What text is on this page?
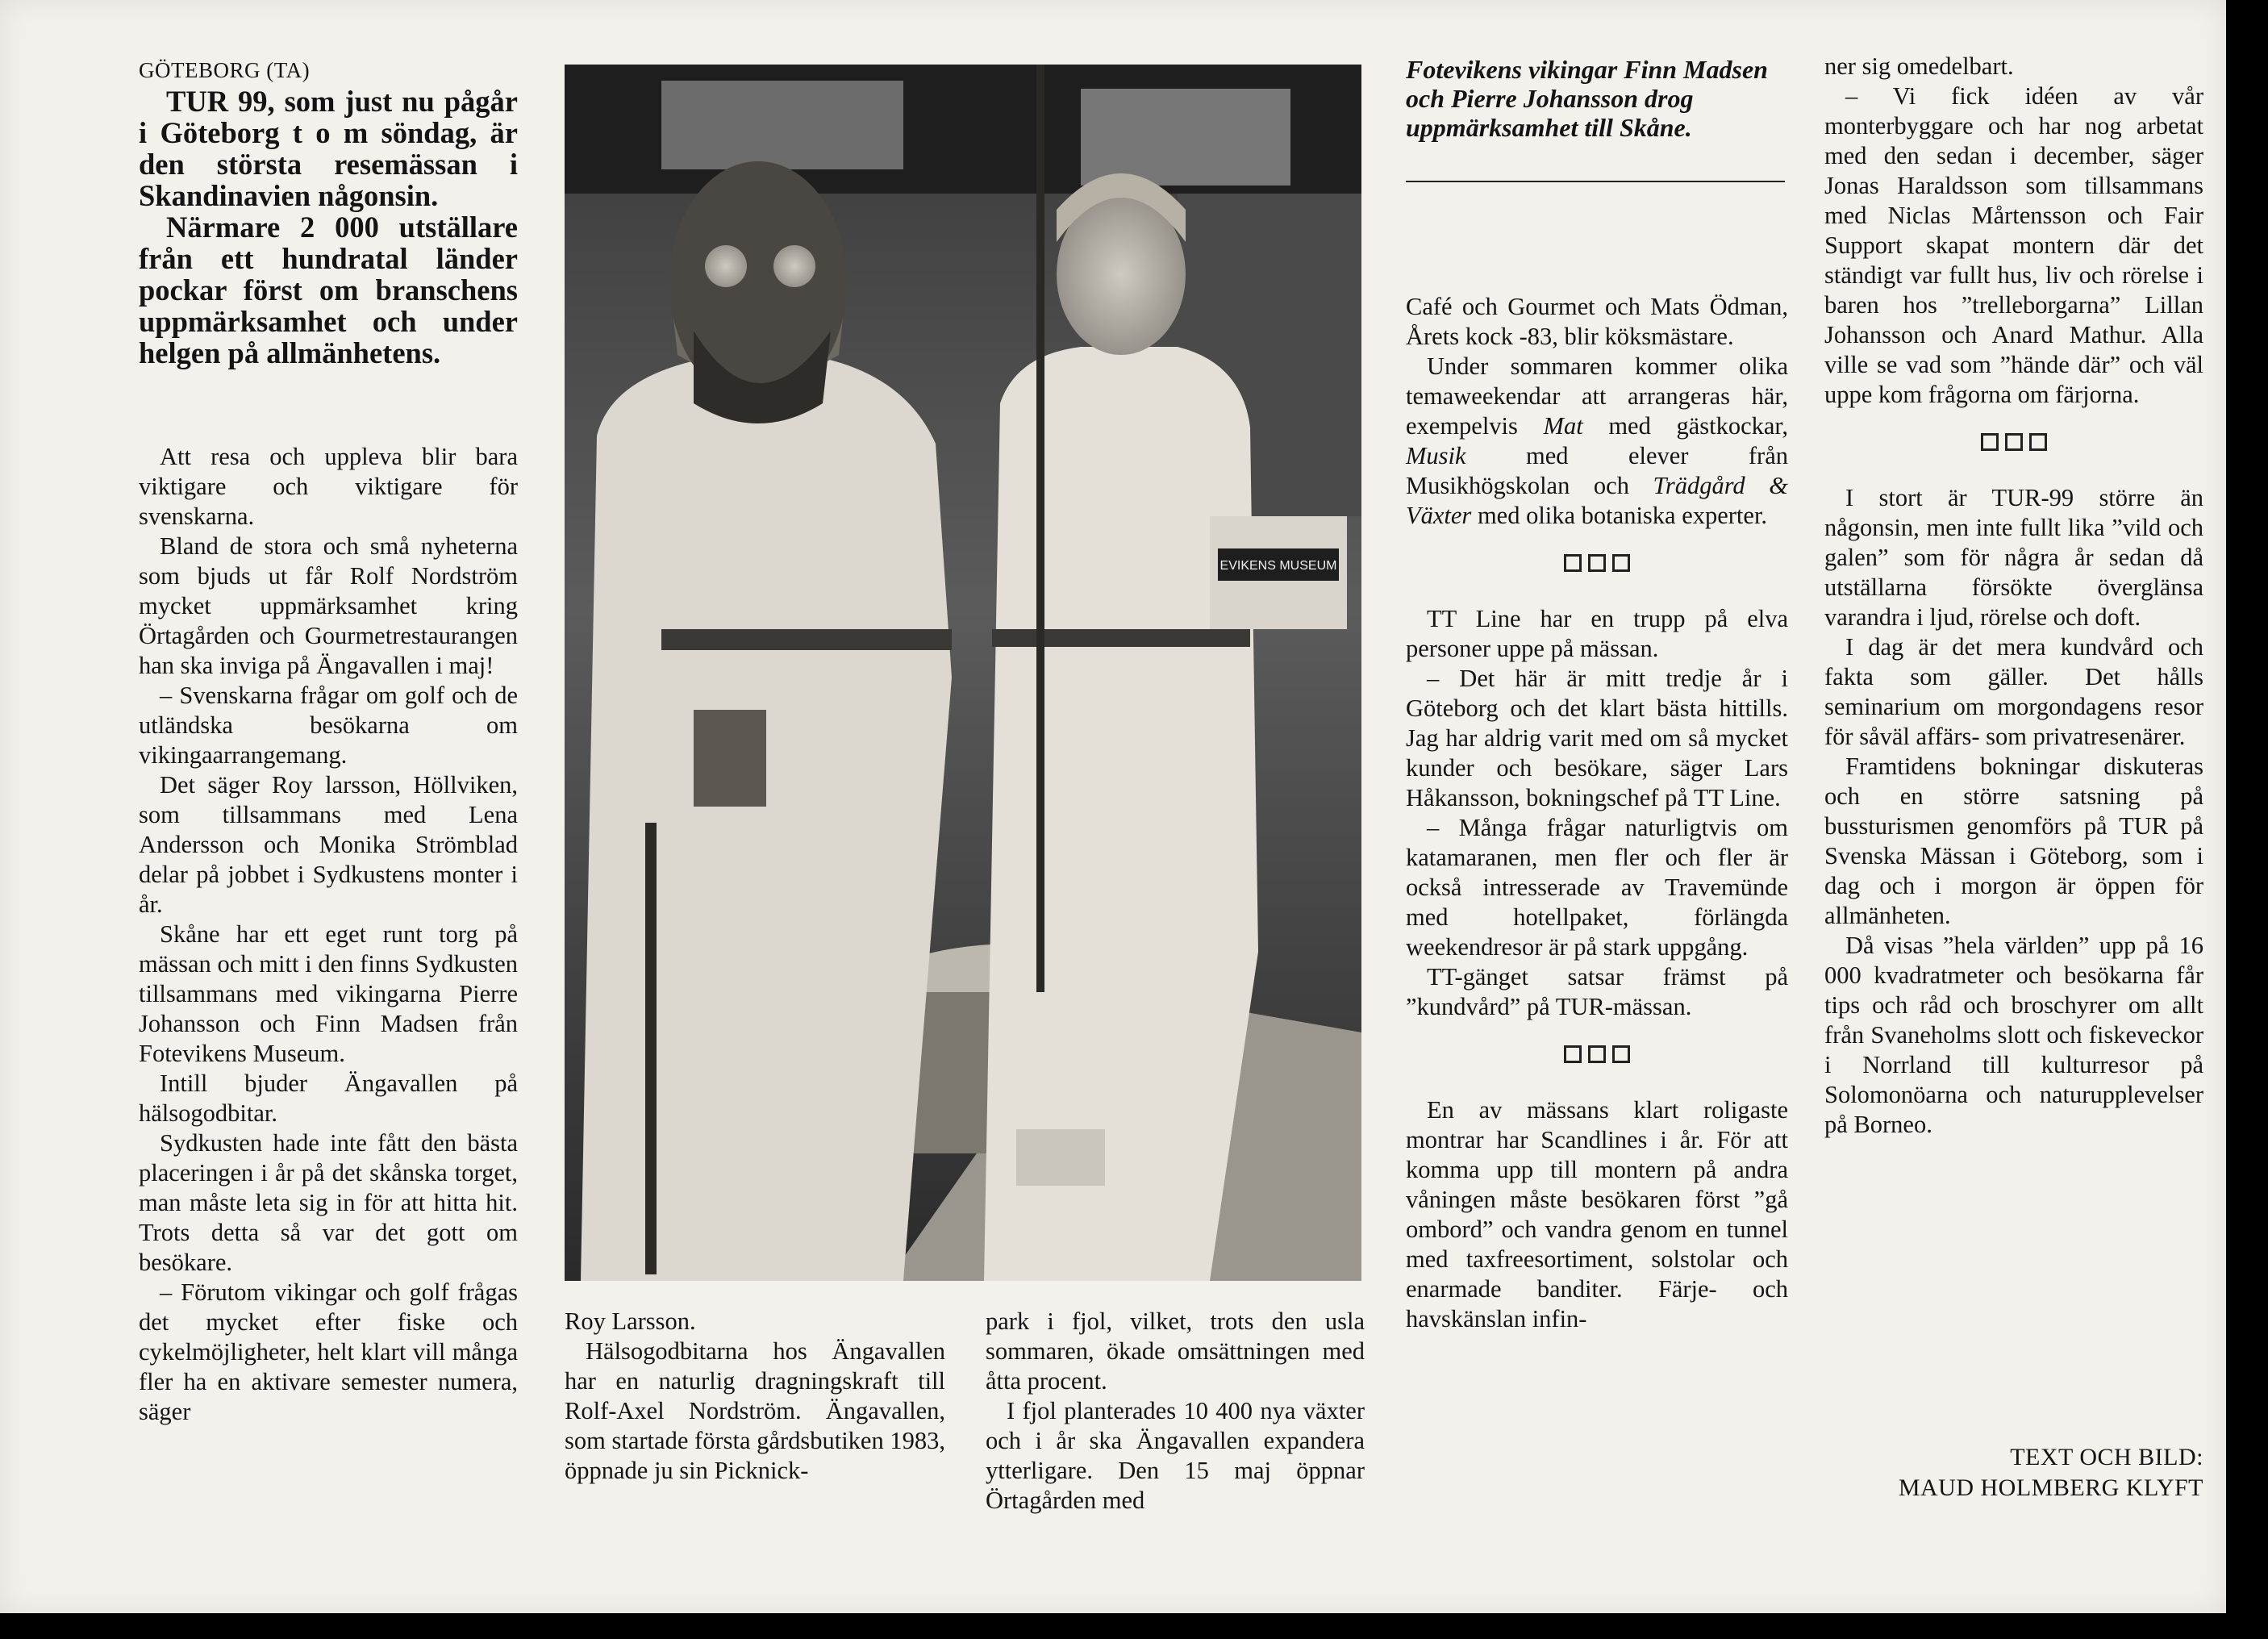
GÖTEBORG (TA)

TUR 99, som just nu pågår i Göteborg t o m söndag, är den största resemässan i Skandinavien någonsin.

Närmare 2 000 utställare från ett hundratal länder pockar först om branschens uppmärksamhet och under helgen på allmänhetens.

Att resa och uppleva blir bara viktigare och viktigare för svenskarna.

Bland de stora och små nyheterna som bjuds ut får Rolf Nordström mycket uppmärksamhet kring Örtagården och Gourmetrestaurangen han ska inviga på Ängavallen i maj!

– Svenskarna frågar om golf och de utländska besökarna om vikingaarrangemang.

Det säger Roy larsson, Höllviken, som tillsammans med Lena Andersson och Monika Strömblad delar på jobbet i Sydkustens monter i år.

Skåne har ett eget runt torg på mässan och mitt i den finns Sydkusten tillsammans med vikingarna Pierre Johansson och Finn Madsen från Fotevikens Museum.

Intill bjuder Ängavallen på hälsogodbitar.

Sydkusten hade inte fått den bästa placeringen i år på det skånska torget, man måste leta sig in för att hitta hit. Trots detta så var det gott om besökare.

– Förutom vikingar och golf frågas det mycket efter fiske och cykelmöjligheter, helt klart vill många fler ha en aktivare semester numera, säger

EVIKENS MUSEUM

Roy Larsson.

Hälsogodbitarna hos Ängavallen har en naturlig dragningskraft till Rolf-Axel Nordström. Ängavallen, som startade första gårdsbutiken 1983, öppnade ju sin Picknick-

park i fjol, vilket, trots den usla sommaren, ökade omsättningen med åtta procent.

I fjol planterades 10 400 nya växter och i år ska Ängavallen expandera ytterligare. Den 15 maj öppnar Örtagården med

Fotevikens vikingar Finn Madsen och Pierre Johansson drog uppmärksamhet till Skåne.

Café och Gourmet och Mats Ödman, Årets kock -83, blir köksmästare.

Under sommaren kommer olika temaweekendar att arrangeras här, exempelvis Mat med gästkockar, Musik med elever från Musikhögskolan och Trädgård & Växter med olika botaniska experter.

TT Line har en trupp på elva personer uppe på mässan.

– Det här är mitt tredje år i Göteborg och det klart bästa hittills. Jag har aldrig varit med om så mycket kunder och besökare, säger Lars Håkansson, bokningschef på TT Line.

– Många frågar naturligtvis om katamaranen, men fler och fler är också intresserade av Travemünde med hotellpaket, förlängda weekendresor är på stark uppgång.

TT-gänget satsar främst på ”kundvård” på TUR-mässan.

En av mässans klart roligaste montrar har Scandlines i år. För att komma upp till montern på andra våningen måste besökaren först ”gå ombord” och vandra genom en tunnel med taxfreesortiment, solstolar och enarmade banditer. Färje- och havskänslan infin-

ner sig omedelbart.

– Vi fick idéen av vår monterbyggare och har nog arbetat med den sedan i december, säger Jonas Haraldsson som tillsammans med Niclas Mårtensson och Fair Support skapat montern där det ständigt var fullt hus, liv och rörelse i baren hos ”trelleborgarna” Lillan Johansson och Anard Mathur. Alla ville se vad som ”hände där” och väl uppe kom frågorna om färjorna.

I stort är TUR-99 större än någonsin, men inte fullt lika ”vild och galen” som för några år sedan då utställarna försökte överglänsa varandra i ljud, rörelse och doft.

I dag är det mera kundvård och fakta som gäller. Det hålls seminarium om morgondagens resor för såväl affärs- som privatresenärer.

Framtidens bokningar diskuteras och en större satsning på bussturismen genomförs på TUR på Svenska Mässan i Göteborg, som i dag och i morgon är öppen för allmänheten.

Då visas ”hela världen” upp på 16 000 kvadratmeter och besökarna får tips och råd och broschyrer om allt från Svaneholms slott och fiskeveckor i Norrland till kulturresor på Solomonöarna och naturupplevelser på Borneo.

TEXT OCH BILD:
MAUD HOLMBERG KLYFT
